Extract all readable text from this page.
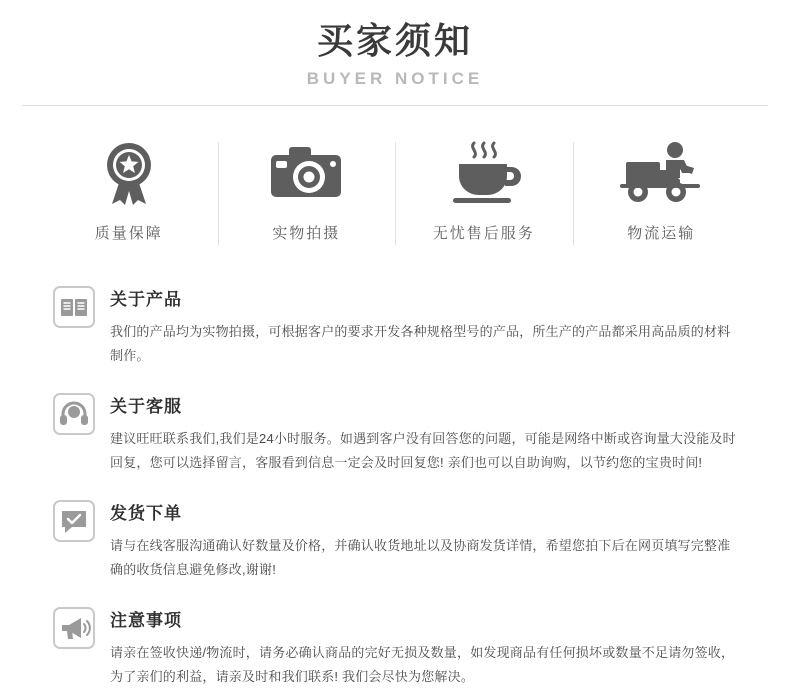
买家须知
BUYER NOTICE
质量保障	实物拍摄	无忧售后服务	物流运输
关于产品
我们的产品均为实物拍摄，可根据客户的要求开发各种规格型号的产品，所生产的产品都采用高品质的材料制作。
关于客服
建议旺旺联系我们,我们是24小时服务。如遇到客户没有回答您的问题，可能是网络中断或咨询量大没能及时回复，您可以选择留言，客服看到信息一定会及时回复您! 亲们也可以自助询购，以节约您的宝贵时间!
发货下单
请与在线客服沟通确认好数量及价格，并确认收货地址以及协商发货详情，希望您拍下后在网页填写完整准确的收货信息避免修改,谢谢!
注意事项
请亲在签收快递/物流时，请务必确认商品的完好无损及数量，如发现商品有任何损坏或数量不足请勿签收，为了亲们的利益，请亲及时和我们联系! 我们会尽快为您解决。
